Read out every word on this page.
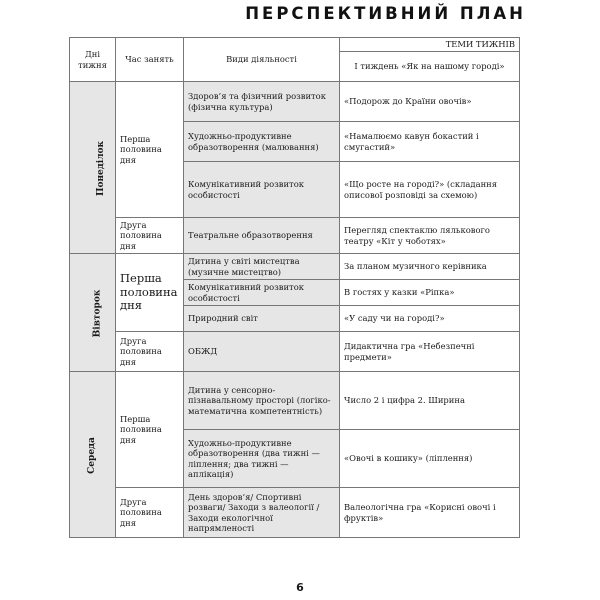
ПЕРСПЕКТИВНИЙ ПЛАН
Дні тижня	Час занять	Види діяльності	ТЕМИ ТИЖНІВ
			I тиждень «Як на нашому городі»
Понеділок	Перша половина дня	Здоров’я та фізичний розвиток (фізична культура)	«Подорож до Країни овочів»
		Художньо-продуктивне образотворення (малювання)	«Намалюємо кавун бокастий і смугастий»
		Комунікативний розвиток особистості	«Що росте на городі?» (складання описової розповіді за схемою)
	Друга половина дня	Театральне образотворення	Перегляд спектаклю лялькового театру «Кіт у чоботях»
Вівторок	Перша половина дня	Дитина у світі мистецтва (музичне мистецтво)	За планом музичного керівника
		Комунікативний розвиток особистості	В гостях у казки «Ріпка»
		Природний світ	«У саду чи на городі?»
	Друга половина дня	ОБЖД	Дидактична гра «Небезпечні предмети»
Середа	Перша половина дня	Дитина у сенсорно-пізнавальному просторі (логіко-математична компетентність)	Число 2 і цифра 2. Ширина
		Художньо-продуктивне образотворення (два тижні — ліплення; два тижні — аплікація)	«Овочі в кошику» (ліплення)
	Друга половина дня	День здоров’я/ Спортивні розваги/ Заходи з валеології /Заходи екологічної напрямленості	Валеологічна гра «Корисні овочі і фруктів»
6
